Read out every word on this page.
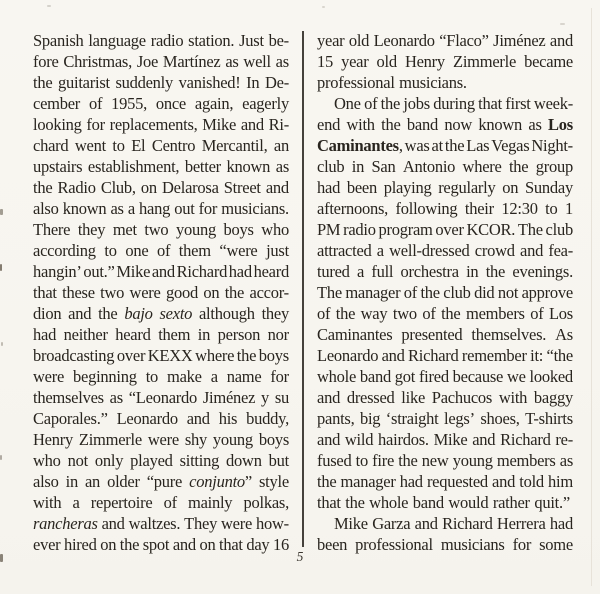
Spanish language radio station. Just be-
fore Christmas, Joe Martínez as well as
the guitarist suddenly vanished! In De-
cember of 1955, once again, eagerly
looking for replacements, Mike and Ri-
chard went to El Centro Mercantil, an
upstairs establishment, better known as
the Radio Club, on Delarosa Street and
also known as a hang out for musicians.
There they met two young boys who
according to one of them “were just
hangin’ out.” Mike and Richard had heard
that these two were good on the accor-
dion and the bajo sexto although they
had neither heard them in person nor
broadcasting over KEXX where the boys
were beginning to make a name for
themselves as “Leonardo Jiménez y su
Caporales.” Leonardo and his buddy,
Henry Zimmerle were shy young boys
who not only played sitting down but
also in an older “pure conjunto” style
with a repertoire of mainly polkas,
rancheras and waltzes. They were how-
ever hired on the spot and on that day 16
year old Leonardo “Flaco” Jiménez and
15 year old Henry Zimmerle became
professional musicians.
One of the jobs during that first week-
end with the band now known as Los
Caminantes, was at the Las Vegas Night-
club in San Antonio where the group
had been playing regularly on Sunday
afternoons, following their 12:30 to 1
PM radio program over KCOR. The club
attracted a well-dressed crowd and fea-
tured a full orchestra in the evenings.
The manager of the club did not approve
of the way two of the members of Los
Caminantes presented themselves. As
Leonardo and Richard remember it: “the
whole band got fired because we looked
and dressed like Pachucos with baggy
pants, big ‘straight legs’ shoes, T-shirts
and wild hairdos. Mike and Richard re-
fused to fire the new young members as
the manager had requested and told him
that the whole band would rather quit.”
Mike Garza and Richard Herrera had
been professional musicians for some
5
